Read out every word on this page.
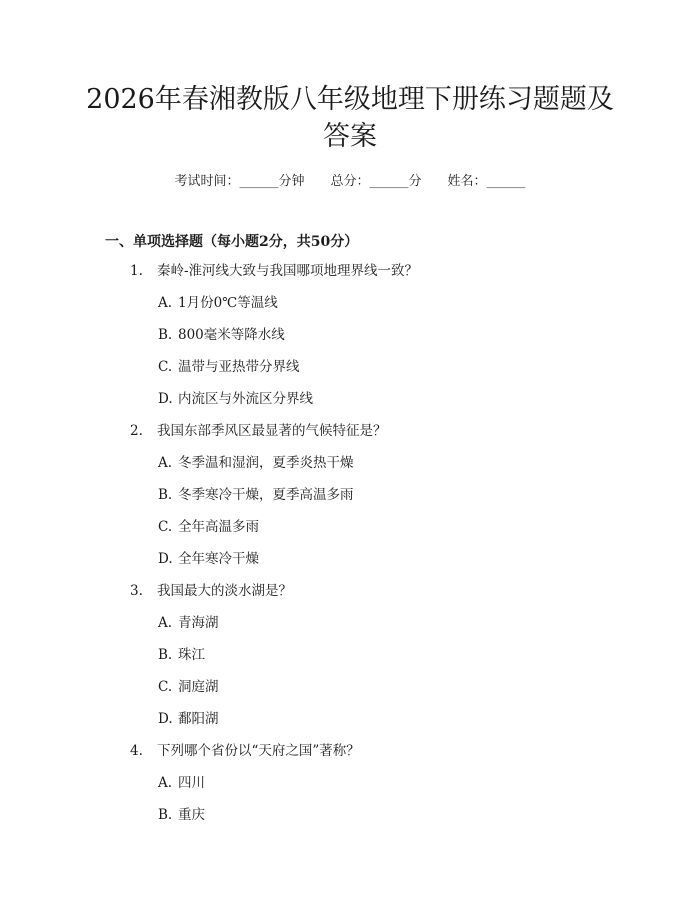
2026年春湘教版八年级地理下册练习题题及
答案
考试时间：______分钟 总分：______分 姓名：______
一、单项选择题（每小题2分，共50分）
1. 秦岭-淮河线大致与我国哪项地理界线一致？
A. 1月份0℃等温线
B. 800毫米等降水线
C. 温带与亚热带分界线
D. 内流区与外流区分界线
2. 我国东部季风区最显著的气候特征是？
A. 冬季温和湿润，夏季炎热干燥
B. 冬季寒冷干燥，夏季高温多雨
C. 全年高温多雨
D. 全年寒冷干燥
3. 我国最大的淡水湖是？
A. 青海湖
B. 珠江
C. 洞庭湖
D. 鄱阳湖
4. 下列哪个省份以“天府之国”著称？
A. 四川
B. 重庆
